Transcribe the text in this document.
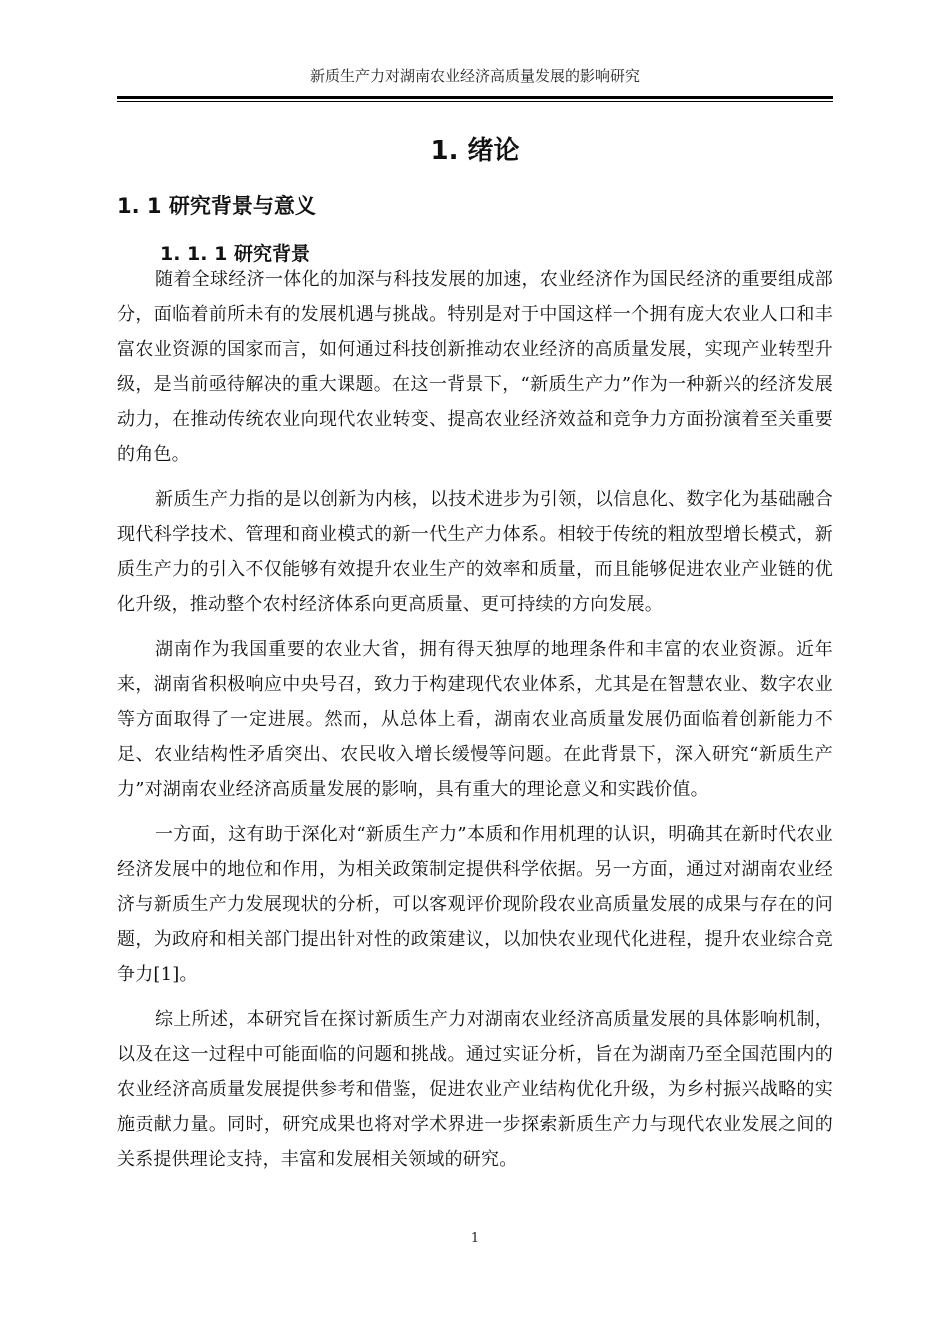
新质生产力对湖南农业经济高质量发展的影响研究
1. 绪论
1. 1 研究背景与意义
1. 1. 1 研究背景

随着全球经济一体化的加深与科技发展的加速，农业经济作为国民经济的重要组成部分，面临着前所未有的发展机遇与挑战。特别是对于中国这样一个拥有庞大农业人口和丰富农业资源的国家而言，如何通过科技创新推动农业经济的高质量发展，实现产业转型升级，是当前亟待解决的重大课题。在这一背景下，“新质生产力”作为一种新兴的经济发展动力，在推动传统农业向现代农业转变、提高农业经济效益和竞争力方面扮演着至关重要的角色。

新质生产力指的是以创新为内核，以技术进步为引领，以信息化、数字化为基础融合现代科学技术、管理和商业模式的新一代生产力体系。相较于传统的粗放型增长模式，新质生产力的引入不仅能够有效提升农业生产的效率和质量，而且能够促进农业产业链的优化升级，推动整个农村经济体系向更高质量、更可持续的方向发展。

湖南作为我国重要的农业大省，拥有得天独厚的地理条件和丰富的农业资源。近年来，湖南省积极响应中央号召，致力于构建现代农业体系，尤其是在智慧农业、数字农业等方面取得了一定进展。然而，从总体上看，湖南农业高质量发展仍面临着创新能力不足、农业结构性矛盾突出、农民收入增长缓慢等问题。在此背景下，深入研究“新质生产力”对湖南农业经济高质量发展的影响，具有重大的理论意义和实践价值。

一方面，这有助于深化对“新质生产力”本质和作用机理的认识，明确其在新时代农业经济发展中的地位和作用，为相关政策制定提供科学依据。另一方面，通过对湖南农业经济与新质生产力发展现状的分析，可以客观评价现阶段农业高质量发展的成果与存在的问题，为政府和相关部门提出针对性的政策建议，以加快农业现代化进程，提升农业综合竞争力[1]。

综上所述，本研究旨在探讨新质生产力对湖南农业经济高质量发展的具体影响机制，以及在这一过程中可能面临的问题和挑战。通过实证分析，旨在为湖南乃至全国范围内的农业经济高质量发展提供参考和借鉴，促进农业产业结构优化升级，为乡村振兴战略的实施贡献力量。同时，研究成果也将对学术界进一步探索新质生产力与现代农业发展之间的关系提供理论支持，丰富和发展相关领域的研究。

1
